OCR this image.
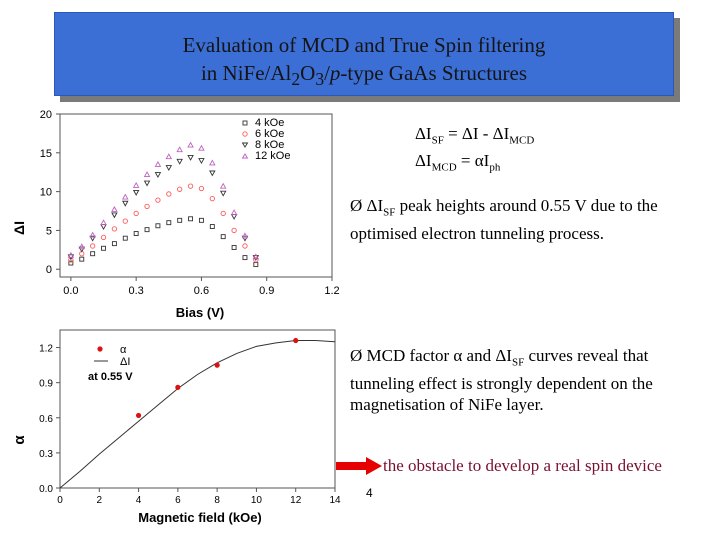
Evaluation of MCD and True Spin filtering
in NiFe/$Al_2O_3/p$-type GaAs Structures
0.0	0.3	0.6	0.9	1.2
0
5
10
15
20
4 kOe
6 kOe
8 kOe
12 kOe
Bias (V)
ΔI
0	2	4	6	8	10	12	14
0.0
0.3
0.6
0.9
1.2	α
ΔI
at 0.55 V
Magnetic field (kOe)
α
$\Delta I_{SF} = \Delta I - \Delta I_{MCD}$
$\Delta I_{MCD} = \alpha I_{ph}$
Ø $\Delta I_{SF}$ peak heights around 0.55 V due to the optimised electron tunneling process.
Ø MCD factor α and $\Delta I_{SF}$ curves reveal that tunneling effect is strongly dependent on the magnetisation of NiFe layer.
the obstacle to develop a real spin device
4
